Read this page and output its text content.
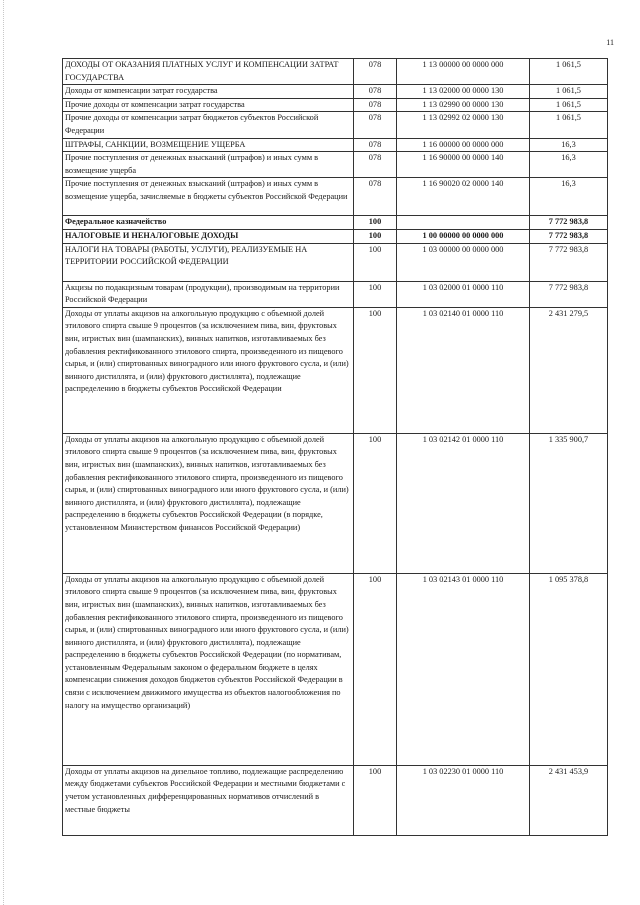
11
ДОХОДЫ ОТ ОКАЗАНИЯ ПЛАТНЫХ УСЛУГ И КОМПЕНСАЦИИ ЗАТРАТ ГОСУДАРСТВА	078	1 13 00000 00 0000 000	1 061,5
Доходы от компенсации затрат государства	078	1 13 02000 00 0000 130	1 061,5
Прочие доходы от компенсации затрат государства	078	1 13 02990 00 0000 130	1 061,5
Прочие доходы от компенсации затрат бюджетов субъектов Российской Федерации	078	1 13 02992 02 0000 130	1 061,5
ШТРАФЫ, САНКЦИИ, ВОЗМЕЩЕНИЕ УЩЕРБА	078	1 16 00000 00 0000 000	16,3
Прочие поступления от денежных взысканий (штрафов) и иных сумм в возмещение ущерба	078	1 16 90000 00 0000 140	16,3
Прочие поступления от денежных взысканий (штрафов) и иных сумм в возмещение ущерба, зачисляемые в бюджеты субъектов Российской Федерации	078	1 16 90020 02 0000 140	16,3
Федеральное казначейство	100		7 772 983,8
НАЛОГОВЫЕ И НЕНАЛОГОВЫЕ ДОХОДЫ	100	1 00 00000 00 0000 000	7 772 983,8
НАЛОГИ НА ТОВАРЫ (РАБОТЫ, УСЛУГИ), РЕАЛИЗУЕМЫЕ НА ТЕРРИТОРИИ РОССИЙСКОЙ ФЕДЕРАЦИИ	100	1 03 00000 00 0000 000	7 772 983,8
Акцизы по подакцизным товарам (продукции), производимым на территории Российской Федерации	100	1 03 02000 01 0000 110	7 772 983,8
Доходы от уплаты акцизов на алкогольную продукцию с объемной долей этилового спирта свыше 9 процентов (за исключением пива, вин, фруктовых вин, игристых вин (шампанских), винных напитков, изготавливаемых без добавления ректификованного этилового спирта, произведенного из пищевого сырья, и (или) спиртованных виноградного или иного фруктового сусла, и (или) винного дистиллята, и (или) фруктового дистиллята), подлежащие распределению в бюджеты субъектов Российской Федерации	100	1 03 02140 01 0000 110	2 431 279,5
Доходы от уплаты акцизов на алкогольную продукцию с объемной долей этилового спирта свыше 9 процентов (за исключением пива, вин, фруктовых вин, игристых вин (шампанских), винных напитков, изготавливаемых без добавления ректификованного этилового спирта, произведенного из пищевого сырья, и (или) спиртованных виноградного или иного фруктового сусла, и (или) винного дистиллята, и (или) фруктового дистиллята), подлежащие распределению в бюджеты субъектов Российской Федерации (в порядке, установленном Министерством финансов Российской Федерации)	100	1 03 02142 01 0000 110	1 335 900,7
Доходы от уплаты акцизов на алкогольную продукцию с объемной долей этилового спирта свыше 9 процентов (за исключением пива, вин, фруктовых вин, игристых вин (шампанских), винных напитков, изготавливаемых без добавления ректификованного этилового спирта, произведенного из пищевого сырья, и (или) спиртованных виноградного или иного фруктового сусла, и (или) винного дистиллята, и (или) фруктового дистиллята), подлежащие распределению в бюджеты субъектов Российской Федерации (по нормативам, установленным Федеральным законом о федеральном бюджете в целях компенсации снижения доходов бюджетов субъектов Российской Федерации в связи с исключением движимого имущества из объектов налогообложения по налогу на имущество организаций)	100	1 03 02143 01 0000 110	1 095 378,8
Доходы от уплаты акцизов на дизельное топливо, подлежащие распределению между бюджетами субъектов Российской Федерации и местными бюджетами с учетом установленных дифференцированных нормативов отчислений в местные бюджеты	100	1 03 02230 01 0000 110	2 431 453,9
